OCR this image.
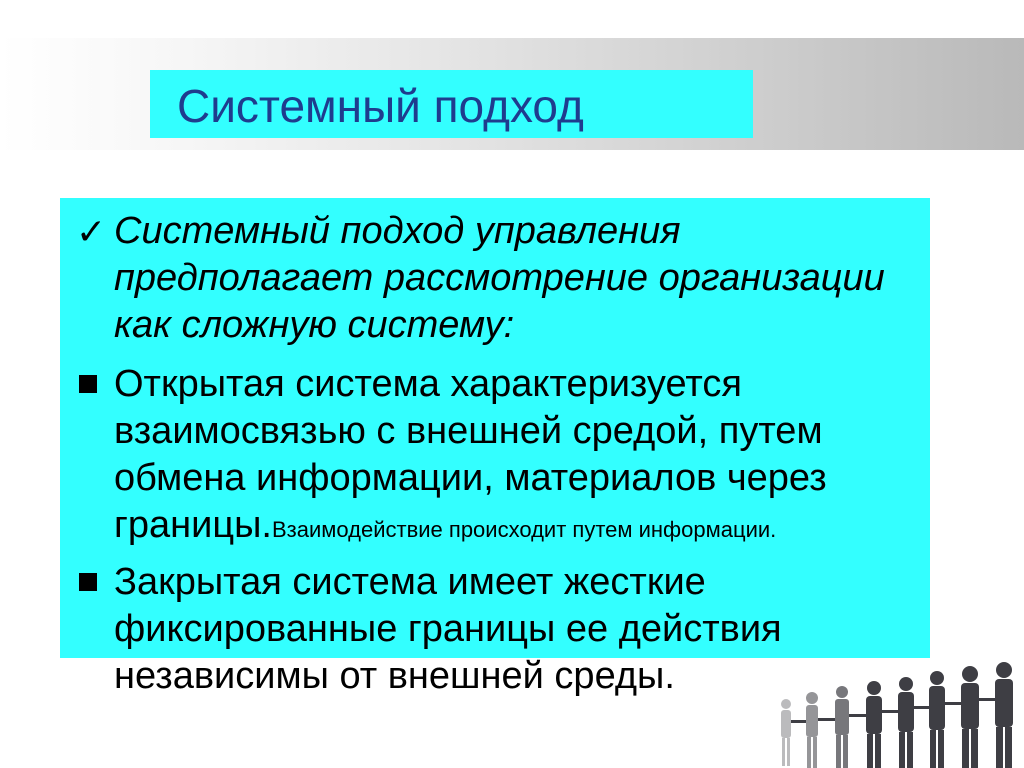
Системный подход
✓ Системный подход управления предполагает рассмотрение организации как сложную систему:
Открытая система характеризуется взаимосвязью с внешней средой, путем обмена информации, материалов через границы.Взаимодействие происходит путем информации.
Закрытая система имеет жесткие фиксированные границы ее действия независимы от внешней среды.
